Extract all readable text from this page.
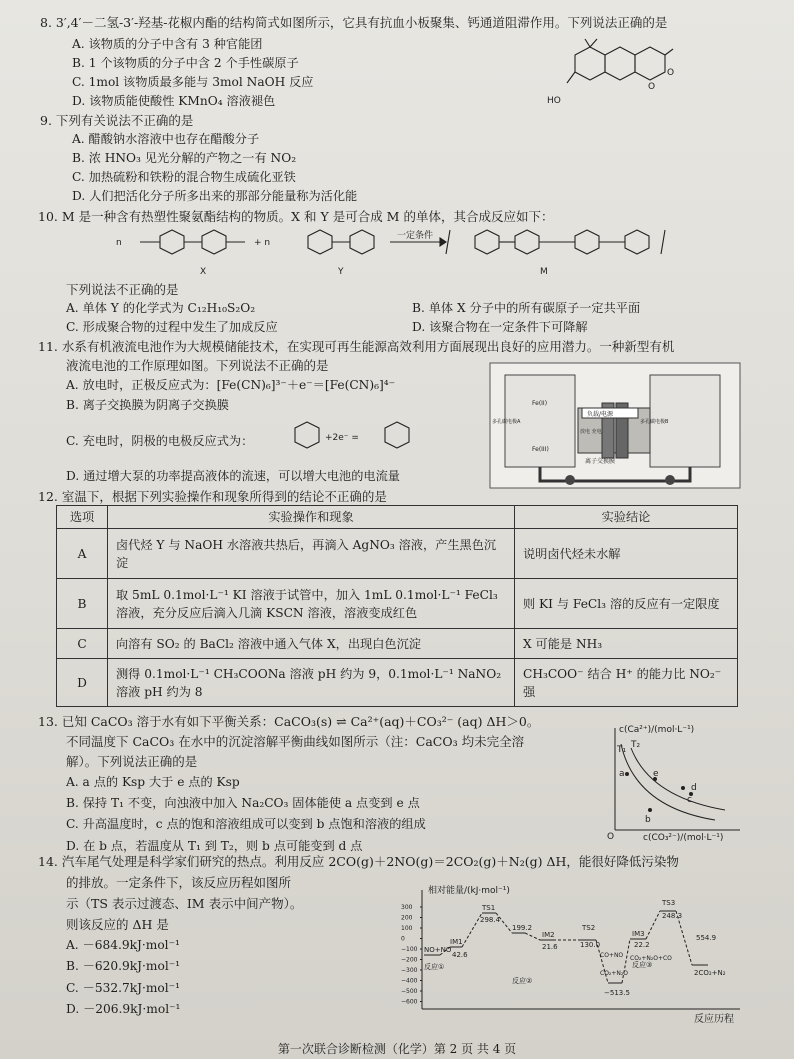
8. 3′,4′－二氢-3′-羟基-花椒内酯的结构简式如图所示，它具有抗血小板聚集、钙通道阻滞作用。下列说法正确的是
A. 该物质的分子中含有 3 种官能团
B. 1 个该物质的分子中含 2 个手性碳原子
C. 1mol 该物质最多能与 3mol NaOH 反应
D. 该物质能使酸性 KMnO₄ 溶液褪色	HO
O
O
9. 下列有关说法不正确的是
A. 醋酸钠水溶液中也存在醋酸分子
B. 浓 HNO₃ 见光分解的产物之一有 NO₂
C. 加热硫粉和铁粉的混合物生成硫化亚铁
D. 人们把活化分子所多出来的那部分能量称为活化能
10. M 是一种含有热塑性聚氨酯结构的物质。X 和 Y 是可合成 M 的单体，其合成反应如下：
n	+ n
一定条件
X	Y	M
下列说法不正确的是
A. 单体 Y 的化学式为 C₁₂H₁₀S₂O₂	B. 单体 X 分子中的所有碳原子一定共平面
C. 形成聚合物的过程中发生了加成反应	D. 该聚合物在一定条件下可降解
11. 水系有机液流电池作为大规模储能技术，在实现可再生能源高效利用方面展现出良好的应用潜力。一种新型有机
液流电池的工作原理如图。下列说法不正确的是
A. 放电时，正极反应式为：[Fe(CN)₆]³⁻＋e⁻＝[Fe(CN)₆]⁴⁻
B. 离子交换膜为阴离子交换膜
C. 充电时，阴极的电极反应式为：	+2e⁻ =
D. 通过增大泵的功率提高液体的流速，可以增大电池的电流量
负载/电源
离子交换膜
放电 充电
Fe(II)
Fe(III)
多孔碳电极A	多孔碳电极B
12. 室温下，根据下列实验操作和现象所得到的结论不正确的是
选项	实验操作和现象	实验结论
A	卤代烃 Y 与 NaOH 水溶液共热后，再滴入 AgNO₃ 溶液，产生黑色沉淀	说明卤代烃未水解
B	取 5mL 0.1mol·L⁻¹ KI 溶液于试管中，加入 1mL 0.1mol·L⁻¹ FeCl₃ 溶液，充分反应后滴入几滴 KSCN 溶液，溶液变成红色	则 KI 与 FeCl₃ 溶的反应有一定限度
C	向溶有 SO₂ 的 BaCl₂ 溶液中通入气体 X，出现白色沉淀	X 可能是 NH₃
D	测得 0.1mol·L⁻¹ CH₃COONa 溶液 pH 约为 9，0.1mol·L⁻¹ NaNO₂ 溶液 pH 约为 8	CH₃COO⁻ 结合 H⁺ 的能力比 NO₂⁻ 强
13. 已知 CaCO₃ 溶于水有如下平衡关系：CaCO₃(s) ⇌ Ca²⁺(aq)＋CO₃²⁻ (aq) ΔH＞0。
不同温度下 CaCO₃ 在水中的沉淀溶解平衡曲线如图所示（注：CaCO₃ 均未完全溶
解）。下列说法正确的是
A. a 点的 Ksp 大于 e 点的 Ksp
B. 保持 T₁ 不变，向浊液中加入 Na₂CO₃ 固体能使 a 点变到 e 点
C. 升高温度时，c 点的饱和溶液组成可以变到 b 点饱和溶液的组成
D. 在 b 点，若温度从 T₁ 到 T₂，则 b 点可能变到 d 点
O
c(Ca²⁺)/(mol·L⁻¹)
c(CO₃²⁻)/(mol·L⁻¹)
T₁ T₂
a
b
c
d
e
14. 汽车尾气处理是科学家们研究的热点。利用反应 2CO(g)＋2NO(g)＝2CO₂(g)＋N₂(g) ΔH，能很好降低污染物
的排放。一定条件下，该反应历程如图所
示（TS 表示过渡态、IM 表示中间产物）。
则该反应的 ΔH 是
A. －684.9kJ·mol⁻¹
B. －620.9kJ·mol⁻¹
C. －532.7kJ·mol⁻¹
D. －206.9kJ·mol⁻¹
300
200
100
0
−100
−200
−300
−400
−500
−600
相对能量/(kJ·mol⁻¹)
反应历程
NO+NO
IM1
42.6
TS1
298.4
199.2
IM2
21.6
TS2
130.0
IM3
22.2
TS3
248.3
554.9
反应①
反应②
反应③
CO₂+N₂O
CO+NO CO₂+N₂O+CO
−513.5
2CO₂+N₂
第一次联合诊断检测（化学）第 2 页 共 4 页
